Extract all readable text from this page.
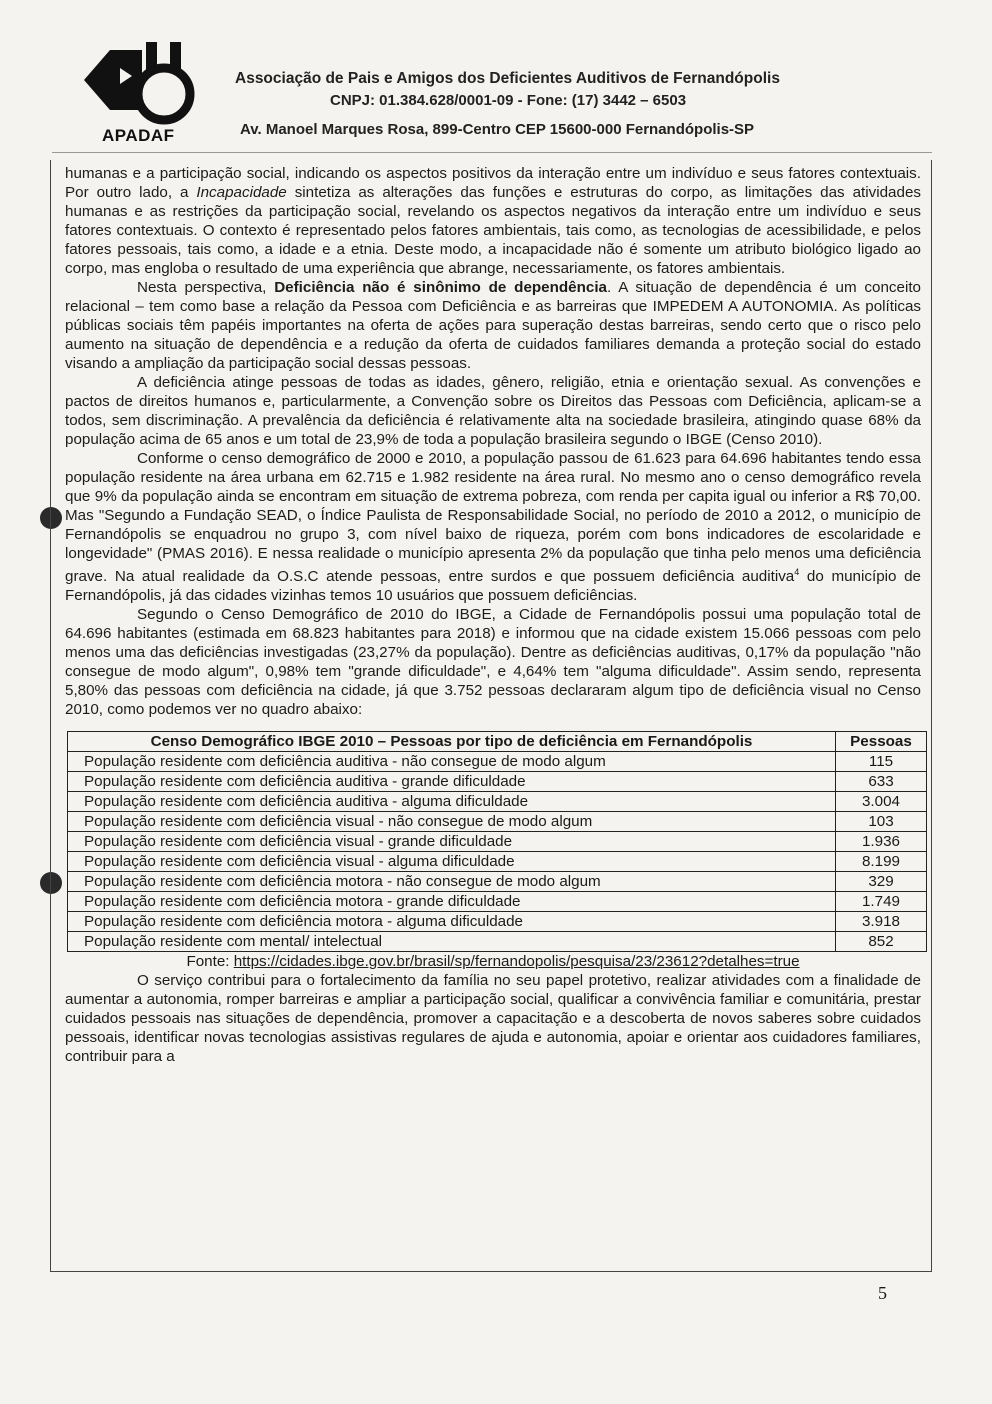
APADAF
Associação de Pais e Amigos dos Deficientes Auditivos de Fernandópolis
CNPJ: 01.384.628/0001-09 - Fone: (17) 3442 – 6503
Av. Manoel Marques Rosa, 899-Centro CEP 15600-000 Fernandópolis-SP

humanas e a participação social, indicando os aspectos positivos da interação entre um indivíduo e seus fatores contextuais. Por outro lado, a Incapacidade sintetiza as alterações das funções e estruturas do corpo, as limitações das atividades humanas e as restrições da participação social, revelando os aspectos negativos da interação entre um indivíduo e seus fatores contextuais. O contexto é representado pelos fatores ambientais, tais como, as tecnologias de acessibilidade, e pelos fatores pessoais, tais como, a idade e a etnia. Deste modo, a incapacidade não é somente um atributo biológico ligado ao corpo, mas engloba o resultado de uma experiência que abrange, necessariamente, os fatores ambientais.

Nesta perspectiva, Deficiência não é sinônimo de dependência. A situação de dependência é um conceito relacional – tem como base a relação da Pessoa com Deficiência e as barreiras que IMPEDEM A AUTONOMIA. As políticas públicas sociais têm papéis importantes na oferta de ações para superação destas barreiras, sendo certo que o risco pelo aumento na situação de dependência e a redução da oferta de cuidados familiares demanda a proteção social do estado visando a ampliação da participação social dessas pessoas.

A deficiência atinge pessoas de todas as idades, gênero, religião, etnia e orientação sexual. As convenções e pactos de direitos humanos e, particularmente, a Convenção sobre os Direitos das Pessoas com Deficiência, aplicam-se a todos, sem discriminação. A prevalência da deficiência é relativamente alta na sociedade brasileira, atingindo quase 68% da população acima de 65 anos e um total de 23,9% de toda a população brasileira segundo o IBGE (Censo 2010).

Conforme o censo demográfico de 2000 e 2010, a população passou de 61.623 para 64.696 habitantes tendo essa população residente na área urbana em 62.715 e 1.982 residente na área rural. No mesmo ano o censo demográfico revela que 9% da população ainda se encontram em situação de extrema pobreza, com renda per capita igual ou inferior a R$ 70,00. Mas "Segundo a Fundação SEAD, o Índice Paulista de Responsabilidade Social, no período de 2010 a 2012, o município de Fernandópolis se enquadrou no grupo 3, com nível baixo de riqueza, porém com bons indicadores de escolaridade e longevidade" (PMAS 2016). E nessa realidade o município apresenta 2% da população que tinha pelo menos uma deficiência grave. Na atual realidade da O.S.C atende pessoas, entre surdos e que possuem deficiência auditiva$^4$ do município de Fernandópolis, já das cidades vizinhas temos 10 usuários que possuem deficiências.

Segundo o Censo Demográfico de 2010 do IBGE, a Cidade de Fernandópolis possui uma população total de 64.696 habitantes (estimada em 68.823 habitantes para 2018) e informou que na cidade existem 15.066 pessoas com pelo menos uma das deficiências investigadas (23,27% da população). Dentre as deficiências auditivas, 0,17% da população "não consegue de modo algum", 0,98% tem "grande dificuldade", e 4,64% tem "alguma dificuldade". Assim sendo, representa 5,80% das pessoas com deficiência na cidade, já que 3.752 pessoas declararam algum tipo de deficiência visual no Censo 2010, como podemos ver no quadro abaixo:

Censo Demográfico IBGE 2010 – Pessoas por tipo de deficiência em Fernandópolis	Pessoas
População residente com deficiência auditiva - não consegue de modo algum	115
População residente com deficiência auditiva - grande dificuldade	633
População residente com deficiência auditiva - alguma dificuldade	3.004
População residente com deficiência visual - não consegue de modo algum	103
População residente com deficiência visual - grande dificuldade	1.936
População residente com deficiência visual - alguma dificuldade	8.199
População residente com deficiência motora - não consegue de modo algum	329
População residente com deficiência motora - grande dificuldade	1.749
População residente com deficiência motora - alguma dificuldade	3.918
População residente com mental/ intelectual	852
Fonte: https://cidades.ibge.gov.br/brasil/sp/fernandopolis/pesquisa/23/23612?detalhes=true

O serviço contribui para o fortalecimento da família no seu papel protetivo, realizar atividades com a finalidade de aumentar a autonomia, romper barreiras e ampliar a participação social, qualificar a convivência familiar e comunitária, prestar cuidados pessoais nas situações de dependência, promover a capacitação e a descoberta de novos saberes sobre cuidados pessoais, identificar novas tecnologias assistivas regulares de ajuda e autonomia, apoiar e orientar aos cuidadores familiares, contribuir para a

5
